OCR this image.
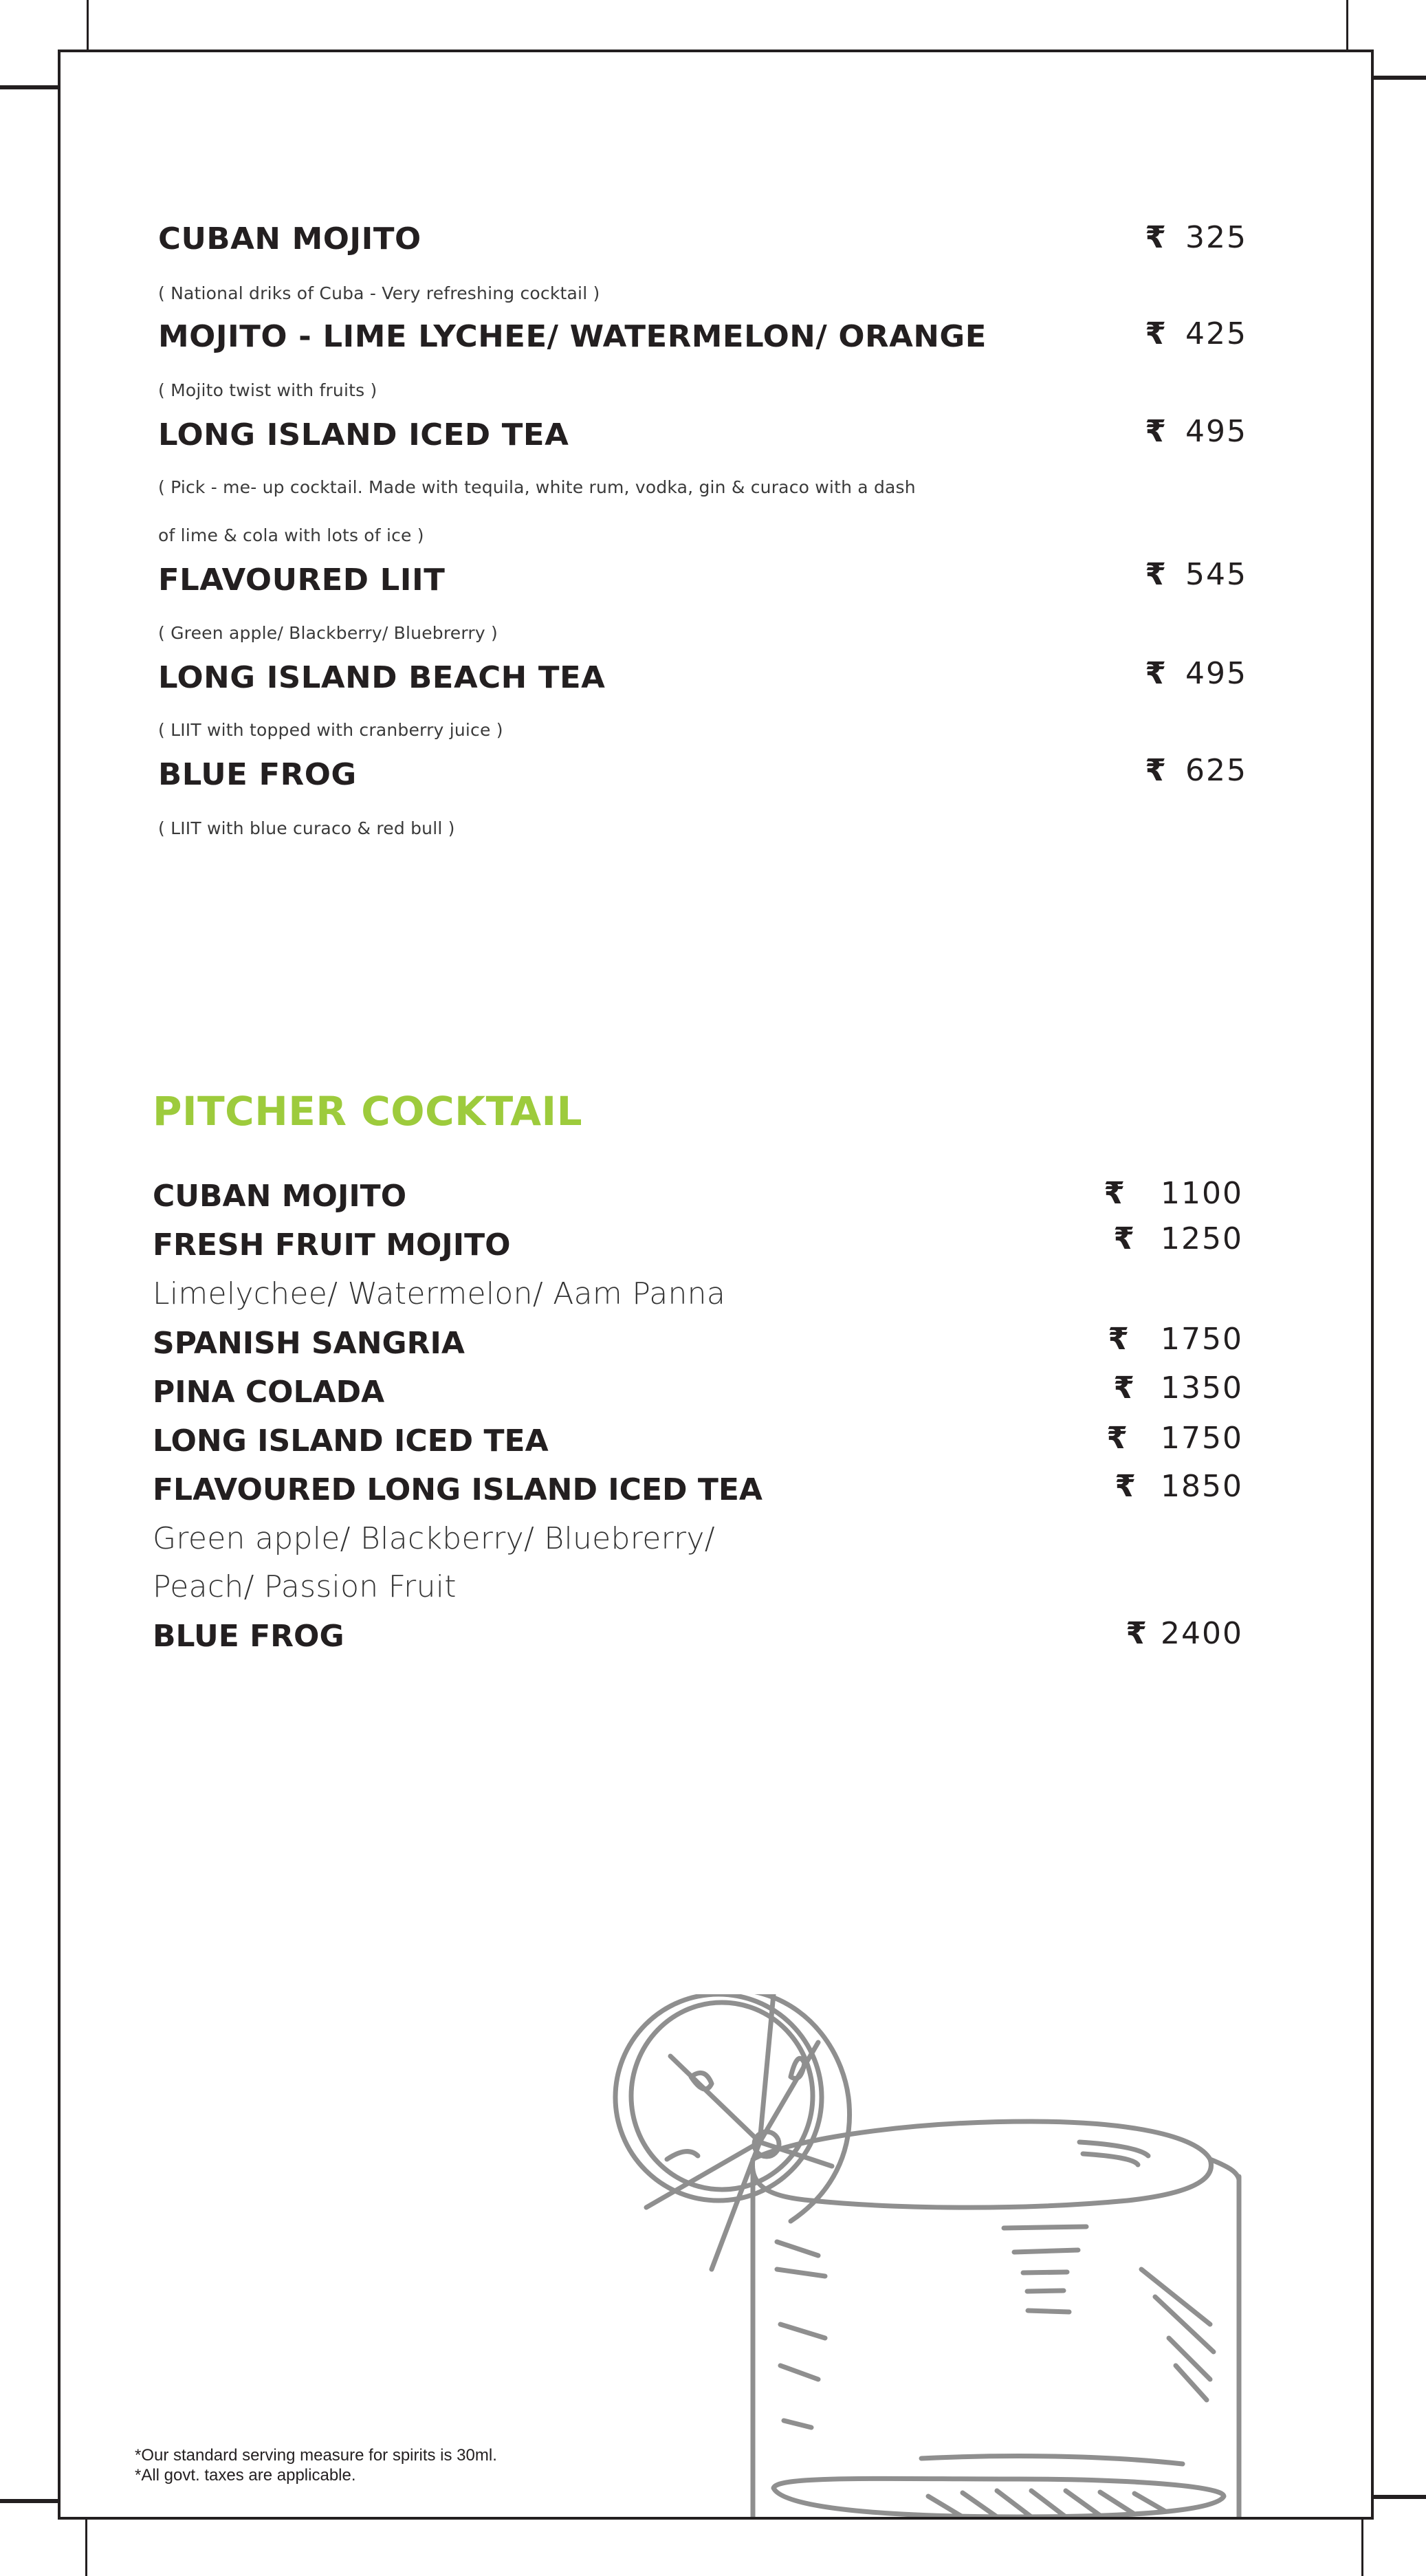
CUBAN MOJITO	₹ 325
( National driks of Cuba - Very refreshing cocktail )
MOJITO - LIME LYCHEE/ WATERMELON/ ORANGE	₹ 425
( Mojito twist with fruits )
LONG ISLAND ICED TEA	₹ 495
( Pick - me- up cocktail. Made with tequila, white rum, vodka, gin & curaco with a dash
of lime & cola with lots of ice )
FLAVOURED LIIT	₹ 545
( Green apple/ Blackberry/ Bluebrerry )
LONG ISLAND BEACH TEA	₹ 495
( LIIT with topped with cranberry juice )
BLUE FROG	₹ 625
( LIIT with blue curaco & red bull )
PITCHER COCKTAIL
CUBAN MOJITO	₹ 1100
FRESH FRUIT MOJITO	₹ 1250
Limelychee/ Watermelon/ Aam Panna
SPANISH SANGRIA	₹ 1750
PINA COLADA	₹ 1350
LONG ISLAND ICED TEA	₹ 1750
FLAVOURED LONG ISLAND ICED TEA	₹ 1850
Green apple/ Blackberry/ Bluebrerry/
Peach/ Passion Fruit
BLUE FROG	₹ 2400
*Our standard serving measure for spirits is 30ml.
*All govt. taxes are applicable.
